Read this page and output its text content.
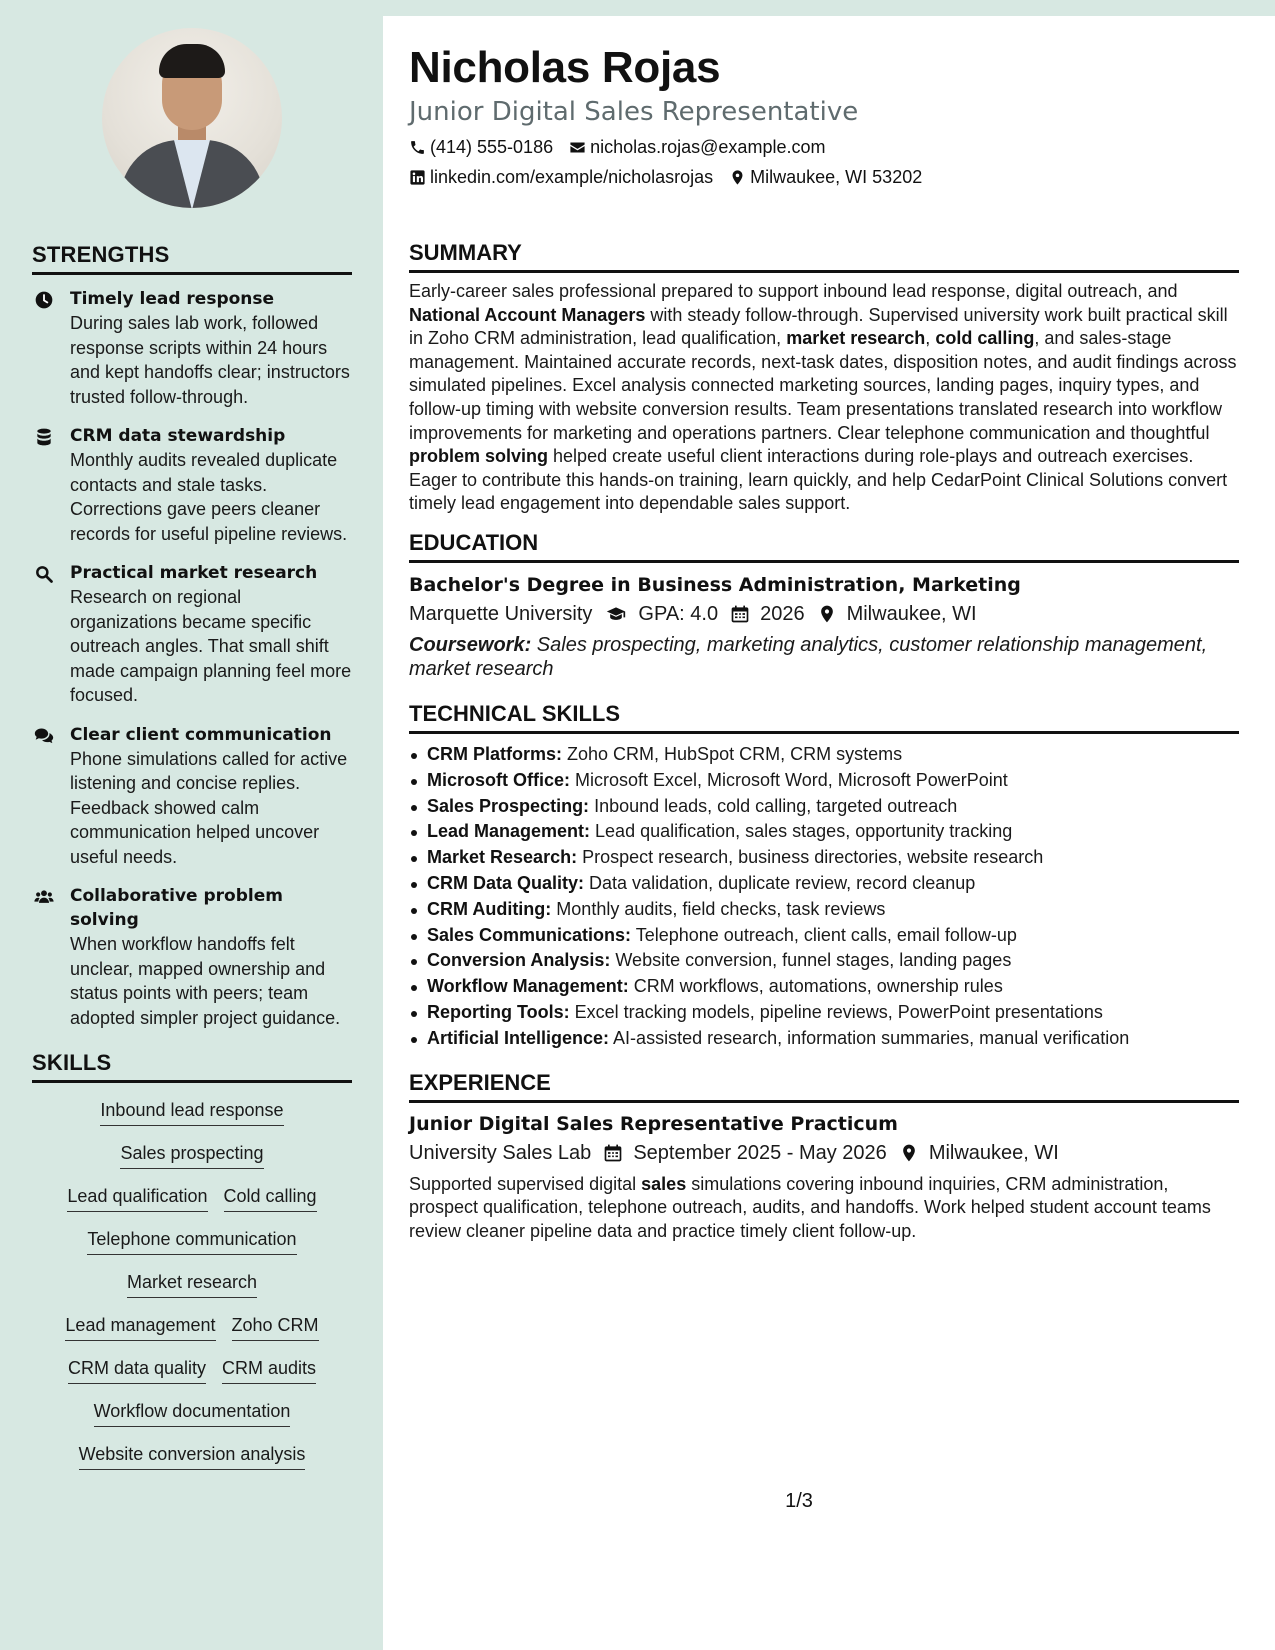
STRENGTHS
Timely lead response
During sales lab work, followed response scripts within 24 hours and kept handoffs clear; instructors trusted follow-through.
CRM data stewardship
Monthly audits revealed duplicate contacts and stale tasks. Corrections gave peers cleaner records for useful pipeline reviews.
Practical market research
Research on regional organizations became specific outreach angles. That small shift made campaign planning feel more focused.
Clear client communication
Phone simulations called for active listening and concise replies. Feedback showed calm communication helped uncover useful needs.
Collaborative problem solving
When workflow handoffs felt unclear, mapped ownership and status points with peers; team adopted simpler project guidance.
SKILLS
Inbound lead response
Sales prospecting
Lead qualification Cold calling
Telephone communication
Market research
Lead management Zoho CRM
CRM data quality CRM audits
Workflow documentation
Website conversion analysis
Nicholas Rojas
Junior Digital Sales Representative
(414) 555-0186 nicholas.rojas@example.com
linkedin.com/example/nicholasrojas Milwaukee, WI 53202
SUMMARY

Early-career sales professional prepared to support inbound lead response, digital outreach, and National Account Managers with steady follow-through. Supervised university work built practical skill in Zoho CRM administration, lead qualification, market research, cold calling, and sales-stage management. Maintained accurate records, next-task dates, disposition notes, and audit findings across simulated pipelines. Excel analysis connected marketing sources, landing pages, inquiry types, and follow-up timing with website conversion results. Team presentations translated research into workflow improvements for marketing and operations partners. Clear telephone communication and thoughtful problem solving helped create useful client interactions during role-plays and outreach exercises. Eager to contribute this hands-on training, learn quickly, and help CedarPoint Clinical Solutions convert timely lead engagement into dependable sales support.

EDUCATION
Bachelor's Degree in Business Administration, Marketing
Marquette University GPA: 4.0 2026 Milwaukee, WI
Coursework: Sales prospecting, marketing analytics, customer relationship management, market research
TECHNICAL SKILLS
CRM Platforms: Zoho CRM, HubSpot CRM, CRM systems
Microsoft Office: Microsoft Excel, Microsoft Word, Microsoft PowerPoint
Sales Prospecting: Inbound leads, cold calling, targeted outreach
Lead Management: Lead qualification, sales stages, opportunity tracking
Market Research: Prospect research, business directories, website research
CRM Data Quality: Data validation, duplicate review, record cleanup
CRM Auditing: Monthly audits, field checks, task reviews
Sales Communications: Telephone outreach, client calls, email follow-up
Conversion Analysis: Website conversion, funnel stages, landing pages
Workflow Management: CRM workflows, automations, ownership rules
Reporting Tools: Excel tracking models, pipeline reviews, PowerPoint presentations
Artificial Intelligence: AI-assisted research, information summaries, manual verification
EXPERIENCE
Junior Digital Sales Representative Practicum
University Sales Lab September 2025 - May 2026 Milwaukee, WI

Supported supervised digital sales simulations covering inbound inquiries, CRM administration, prospect qualification, telephone outreach, audits, and handoffs. Work helped student account teams review cleaner pipeline data and practice timely client follow-up.

1/3
